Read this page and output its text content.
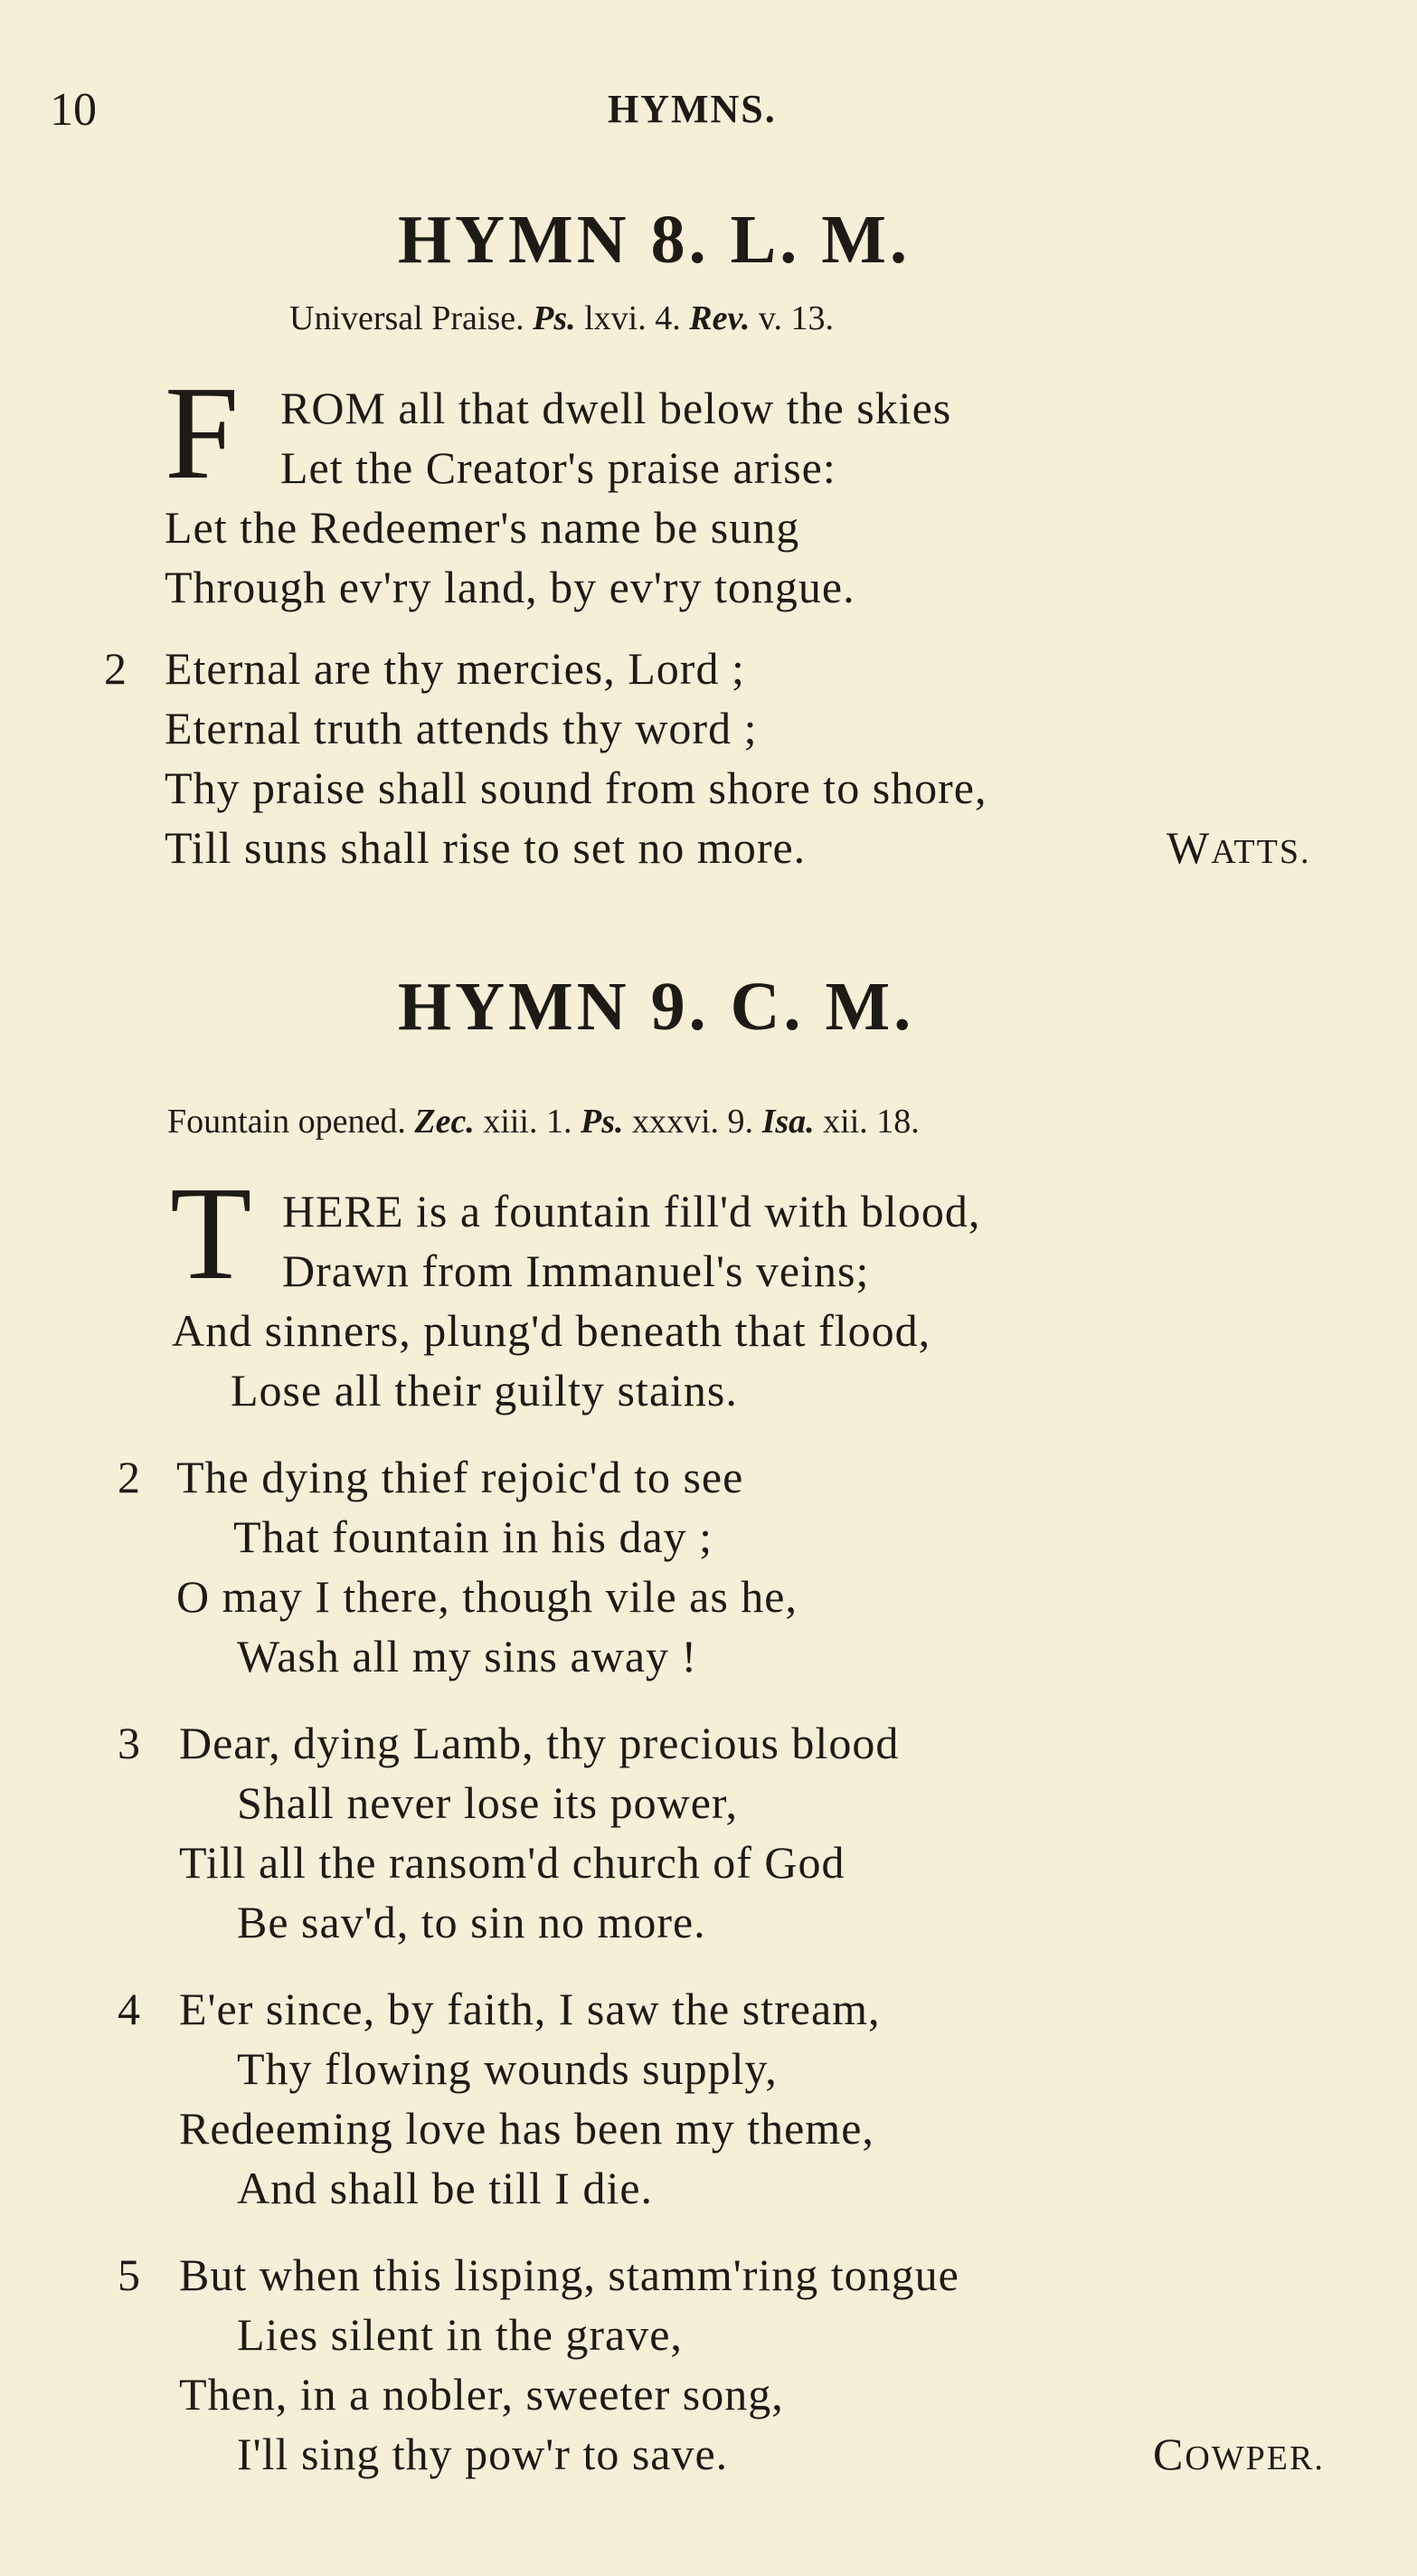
10	HYMNS.
HYMN 8. L. M.
Universal Praise. Ps. lxvi. 4. Rev. v. 13.
F ROM all that dwell below the skies
Let the Creator's praise arise:
Let the Redeemer's name be sung
Through ev'ry land, by ev'ry tongue.
2 Eternal are thy mercies, Lord ;
Eternal truth attends thy word ;
Thy praise shall sound from shore to shore,
Till suns shall rise to set no more.	WATTS.
HYMN 9. C. M.
Fountain opened. Zec. xiii. 1. Ps. xxxvi. 9. Isa. xii. 18.
T HERE is a fountain fill'd with blood,
Drawn from Immanuel's veins;
And sinners, plung'd beneath that flood,
Lose all their guilty stains.
2 The dying thief rejoic'd to see
That fountain in his day ;
O may I there, though vile as he,
Wash all my sins away !
3 Dear, dying Lamb, thy precious blood
Shall never lose its power,
Till all the ransom'd church of God
Be sav'd, to sin no more.
4 E'er since, by faith, I saw the stream,
Thy flowing wounds supply,
Redeeming love has been my theme,
And shall be till I die.
5 But when this lisping, stamm'ring tongue
Lies silent in the grave,
Then, in a nobler, sweeter song,
I'll sing thy pow'r to save.	COWPER.
